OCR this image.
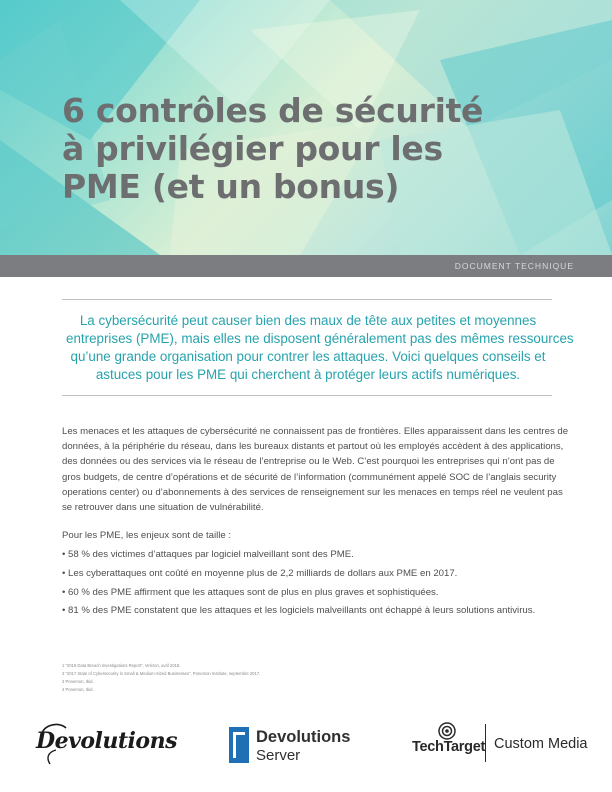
6 contrôles de sécurité
à privilégier pour les
PME (et un bonus)
DOCUMENT TECHNIQUE

La cybersécurité peut causer bien des maux de tête aux petites et moyennes
entreprises (PME), mais elles ne disposent généralement pas des mêmes ressources
qu’une grande organisation pour contrer les attaques. Voici quelques conseils et
astuces pour les PME qui cherchent à protéger leurs actifs numériques.

Les menaces et les attaques de cybersécurité ne connaissent pas de frontières. Elles apparaissent dans les centres de
données, à la périphérie du réseau, dans les bureaux distants et partout où les employés accèdent à des applications,
des données ou des services via le réseau de l’entreprise ou le Web. C’est pourquoi les entreprises qui n’ont pas de
gros budgets, de centre d’opérations et de sécurité de l’information (communément appelé SOC de l’anglais security
operations center) ou d’abonnements à des services de renseignement sur les menaces en temps réel ne veulent pas
se retrouver dans une situation de vulnérabilité.

Pour les PME, les enjeux sont de taille :

• 58 % des victimes d’attaques par logiciel malveillant sont des PME.

• Les cyberattaques ont coûté en moyenne plus de 2,2 milliards de dollars aux PME en 2017.

• 60 % des PME affirment que les attaques sont de plus en plus graves et sophistiquées.

• 81 % des PME constatent que les attaques et les logiciels malveillants ont échappé à leurs solutions antivirus.

1 “2018 Data Breach Investigations Report”, Verizon, avril 2018.
2 “2017 State of Cybersecurity in Small & Medium-Sized Businesses”, Ponemon Institute, septembre 2017.
3 Ponemon, Ibid.
4 Ponemon, Ibid.
Devolutions	Devolutions
Server	TechTarget Custom Media
